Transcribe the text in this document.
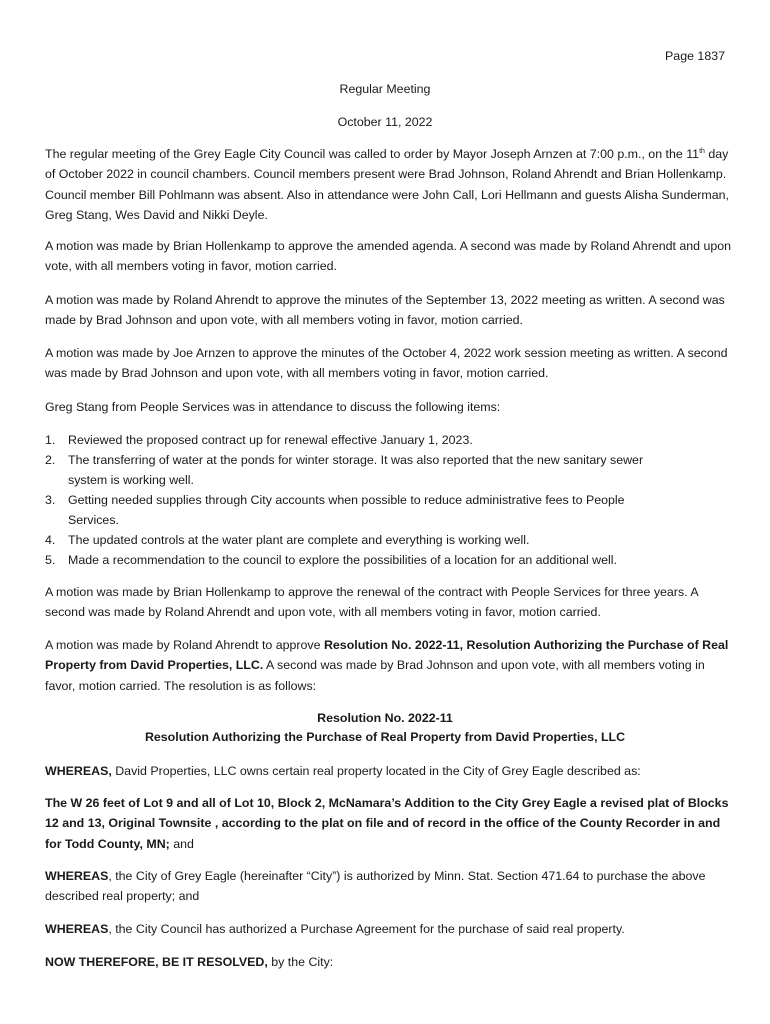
Page 1837
Regular Meeting
October 11, 2022
The regular meeting of the Grey Eagle City Council was called to order by Mayor Joseph Arnzen at 7:00 p.m., on the 11th day of October 2022 in council chambers. Council members present were Brad Johnson, Roland Ahrendt and Brian Hollenkamp. Council member Bill Pohlmann was absent. Also in attendance were John Call, Lori Hellmann and guests Alisha Sunderman, Greg Stang, Wes David and Nikki Deyle.
A motion was made by Brian Hollenkamp to approve the amended agenda. A second was made by Roland Ahrendt and upon vote, with all members voting in favor, motion carried.
A motion was made by Roland Ahrendt to approve the minutes of the September 13, 2022 meeting as written. A second was made by Brad Johnson and upon vote, with all members voting in favor, motion carried.
A motion was made by Joe Arnzen to approve the minutes of the October 4, 2022 work session meeting as written. A second was made by Brad Johnson and upon vote, with all members voting in favor, motion carried.
Greg Stang from People Services was in attendance to discuss the following items:
1. Reviewed the proposed contract up for renewal effective January 1, 2023.
2. The transferring of water at the ponds for winter storage. It was also reported that the new sanitary sewer system is working well.
3. Getting needed supplies through City accounts when possible to reduce administrative fees to People Services.
4. The updated controls at the water plant are complete and everything is working well.
5. Made a recommendation to the council to explore the possibilities of a location for an additional well.
A motion was made by Brian Hollenkamp to approve the renewal of the contract with People Services for three years. A second was made by Roland Ahrendt and upon vote, with all members voting in favor, motion carried.
A motion was made by Roland Ahrendt to approve Resolution No. 2022-11, Resolution Authorizing the Purchase of Real Property from David Properties, LLC. A second was made by Brad Johnson and upon vote, with all members voting in favor, motion carried. The resolution is as follows:
Resolution No. 2022-11
Resolution Authorizing the Purchase of Real Property from David Properties, LLC
WHEREAS, David Properties, LLC owns certain real property located in the City of Grey Eagle described as:
The W 26 feet of Lot 9 and all of Lot 10, Block 2, McNamara’s Addition to the City Grey Eagle a revised plat of Blocks 12 and 13, Original Townsite , according to the plat on file and of record in the office of the County Recorder in and for Todd County, MN; and
WHEREAS, the City of Grey Eagle (hereinafter “City”) is authorized by Minn. Stat. Section 471.64 to purchase the above described real property; and
WHEREAS, the City Council has authorized a Purchase Agreement for the purchase of said real property.
NOW THEREFORE, BE IT RESOLVED, by the City:
